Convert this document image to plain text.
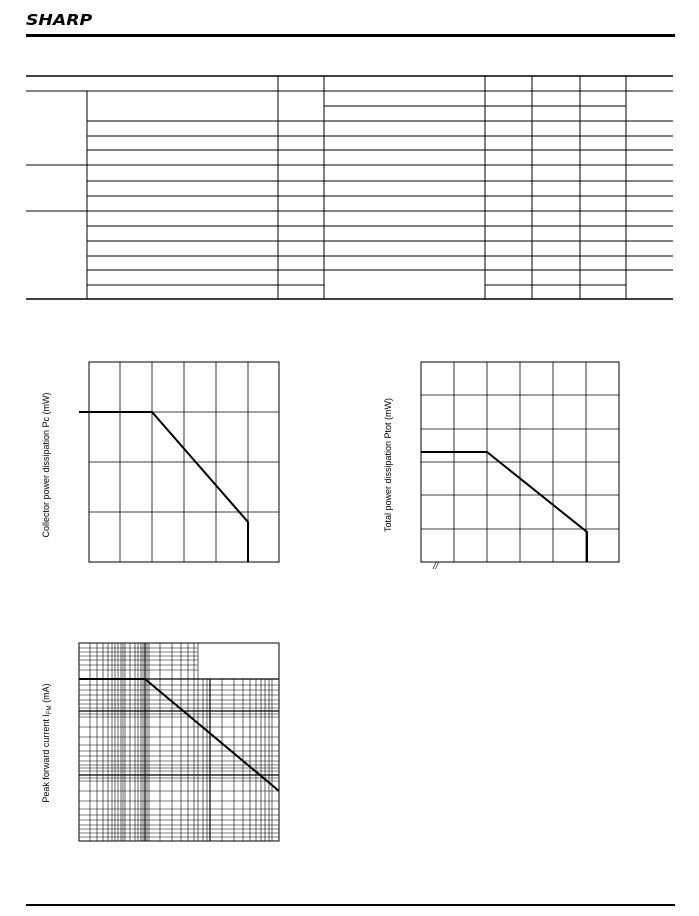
SHARP
Collector power dissipation Pc (mW)
//
Total power dissipation Ptot (mW)
Peak forward current $I_{FM}$ (mA)
